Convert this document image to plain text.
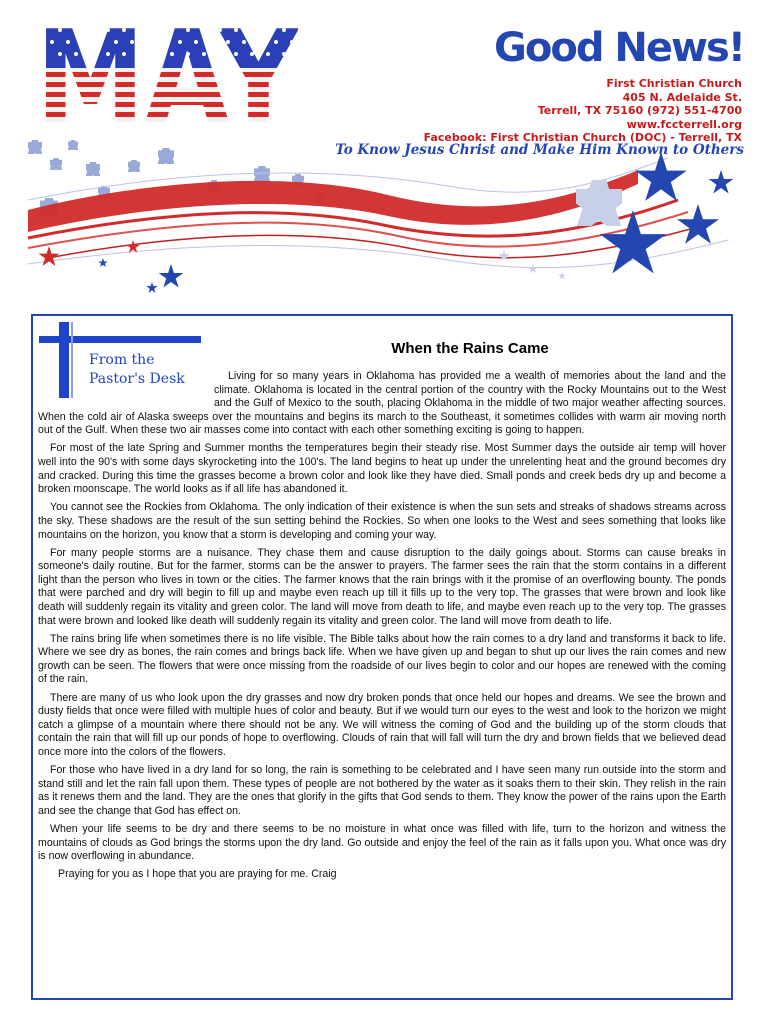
Good News!
First Christian Church
405 N. Adelaide St.
Terrell, TX 75160 (972) 551-4700
www.fccterrell.org
Facebook: First Christian Church (DOC) - Terrell, TX
To Know Jesus Christ and Make Him Known to Others
From the
Pastor's Desk
When the Rains Came

Living for so many years in Oklahoma has provided me a wealth of memories about the land and the climate. Oklahoma is located in the central portion of the country with the Rocky Mountains out to the West and the Gulf of Mexico to the south, placing Oklahoma in the middle of two major weather affecting sources. When the cold air of Alaska sweeps over the mountains and begins its march to the Southeast, it sometimes collides with warm air moving north out of the Gulf. When these two air masses come into contact with each other something exciting is going to happen.

For most of the late Spring and Summer months the temperatures begin their steady rise. Most Summer days the outside air temp will hover well into the 90's with some days skyrocketing into the 100's. The land begins to heat up under the unrelenting heat and the ground becomes dry and cracked. During this time the grasses become a brown color and look like they have died. Small ponds and creek beds dry up and become a broken moonscape. The world looks as if all life has abandoned it.

You cannot see the Rockies from Oklahoma. The only indication of their existence is when the sun sets and streaks of shadows streams across the sky. These shadows are the result of the sun setting behind the Rockies. So when one looks to the West and sees something that looks like mountains on the horizon, you know that a storm is developing and coming your way.

For many people storms are a nuisance. They chase them and cause disruption to the daily goings about. Storms can cause breaks in someone's daily routine. But for the farmer, storms can be the answer to prayers. The farmer sees the rain that the storm contains in a different light than the person who lives in town or the cities. The farmer knows that the rain brings with it the promise of an overflowing bounty. The ponds that were parched and dry will begin to fill up and maybe even reach up till it fills up to the very top. The grasses that were brown and look like death will suddenly regain its vitality and green color. The land will move from death to life, and maybe even reach up to the very top. The grasses that were brown and looked like death will suddenly regain its vitality and green color. The land will move from death to life.

The rains bring life when sometimes there is no life visible. The Bible talks about how the rain comes to a dry land and transforms it back to life. Where we see dry as bones, the rain comes and brings back life. When we have given up and began to shut up our lives the rain comes and new growth can be seen. The flowers that were once missing from the roadside of our lives begin to color and our hopes are renewed with the coming of the rain.

There are many of us who look upon the dry grasses and now dry broken ponds that once held our hopes and dreams. We see the brown and dusty fields that once were filled with multiple hues of color and beauty. But if we would turn our eyes to the west and look to the horizon we might catch a glimpse of a mountain where there should not be any. We will witness the coming of God and the building up of the storm clouds that contain the rain that will fill up our ponds of hope to overflowing. Clouds of rain that will fall will turn the dry and brown fields that we believed dead once more into the colors of the flowers.

For those who have lived in a dry land for so long, the rain is something to be celebrated and I have seen many run outside into the storm and stand still and let the rain fall upon them. These types of people are not bothered by the water as it soaks them to their skin. They relish in the rain as it renews them and the land. They are the ones that glorify in the gifts that God sends to them. They know the power of the rains upon the Earth and see the change that God has effect on.

When your life seems to be dry and there seems to be no moisture in what once was filled with life, turn to the horizon and witness the mountains of clouds as God brings the storms upon the dry land. Go outside and enjoy the feel of the rain as it falls upon you. What once was dry is now overflowing in abundance.

Praying for you as I hope that you are praying for me. Craig
